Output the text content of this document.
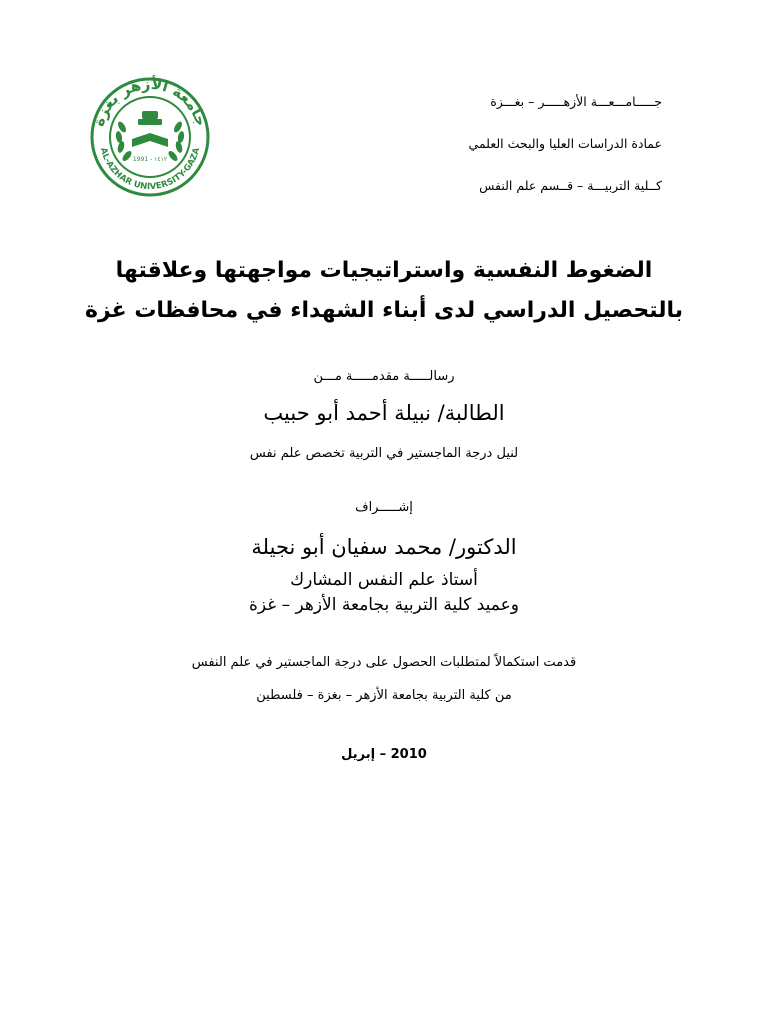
جامعة الأزهر بغزة
AL-AZHAR UNIVERSITY-GAZA
1991 - ١٤١٢
جـــــامـــعـــة الأزهـــــر – بغـــزة
عمادة الدراسات العليا والبحث العلمي
كــلية التربيـــة – قــسم علم النفس
الضغوط النفسية واستراتيجيات مواجهتها وعلاقتها
بالتحصيل الدراسي لدى أبناء الشهداء في محافظات غزة
رسالـــــة مقدمـــــة مـــن
الطالبة/ نبيلة أحمد أبو حبيب
لنيل درجة الماجستير في التربية تخصص علم نفس
إشـــــراف
الدكتور/ محمد سفيان أبو نجيلة
أستاذ علم النفس المشارك
وعميد كلية التربية بجامعة الأزهر – غزة
قدمت استكمالاً لمتطلبات الحصول على درجة الماجستير في علم النفس
من كلية التربية بجامعة الأزهر – بغزة – فلسطين
2010 – إبريل
